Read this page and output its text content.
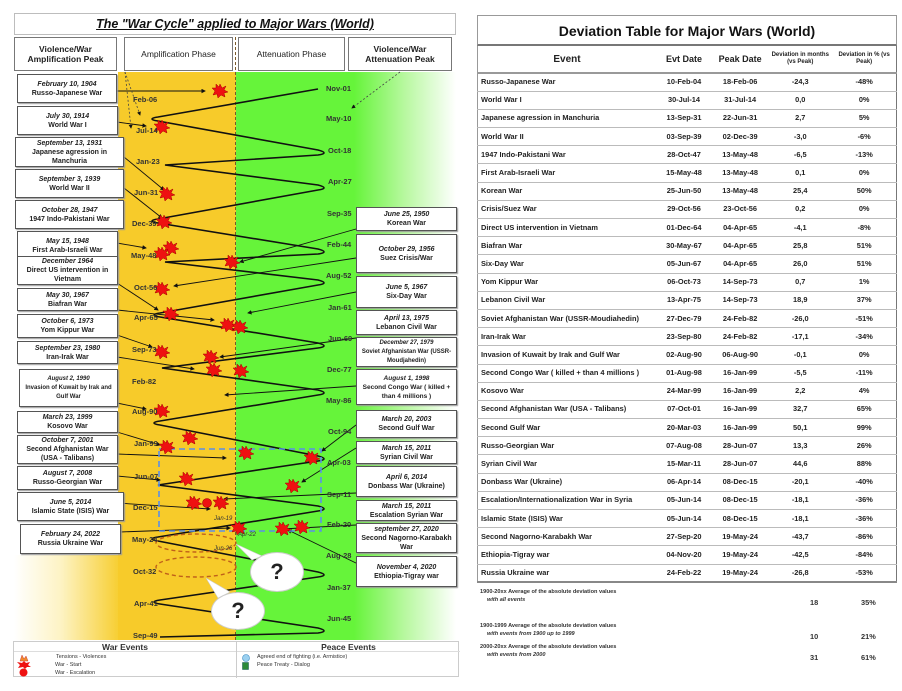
The "War Cycle" applied to Major Wars (World)
Violence/War Amplification Peak	Amplification Phase	Attenuation Phase	Violence/War Attenuation Peak
?
?
Feb-06
Jul-14
Jan-23
Jun-31
Dec-39
May-48
Oct-56
Apr-65
Sep-73
Feb-82
Aug-90
Jan-99
Jun-07
Dec-15
May-24
Oct-32
Apr-41
Sep-49
Nov-01
May-10
Oct-18
Apr-27
Sep-35
Feb-44
Aug-52
Jan-61
Jun-69
Dec-77
May-86
Oct-94
Apr-03
Sep-11
Feb-20
Aug-28
Jan-37
Jun-45
Jan-19
Apr-22
Jun-26
February 10, 1904
Russo-Japanese War
July 30, 1914
World War I
September 13, 1931
Japanese agression in Manchuria
September 3, 1939
World War II
October 28, 1947
1947 Indo-Pakistani War
May 15, 1948
First Arab-Israeli War
December 1964
Direct US intervention in Vietnam
May 30, 1967
Biafran War
October 6, 1973
Yom Kippur War
September 23, 1980
Iran-Irak War
August 2, 1990
Invasion of Kuwait by Irak and Gulf War
March 23, 1999
Kosovo War
October 7, 2001
Second Afghanistan War (USA - Talibans)
August 7, 2008
Russo-Georgian War
June 5, 2014
Islamic State (ISIS) War
February 24, 2022
Russia Ukraine War
June 25, 1950
Korean War
October 29, 1956
Suez Crisis/War
June 5, 1967
Six-Day War
April 13, 1975
Lebanon Civil War
December 27, 1979
Soviet Afghanistan War (USSR-Moudjahedin)
August 1, 1998
Second Congo War ( killed + than 4 millions )
March 20, 2003
Second Gulf War
March 15, 2011
Syrian Civil War
April 6, 2014
Donbass War (Ukraine)
March 15, 2011
Escalation Syrian War
september 27, 2020
Second Nagorno-Karabakh War
November 4, 2020
Ethiopia-Tigray war
War Events
Tensions - Violences
War - Start
War - Escalation
Peace Events
Agreed end of fighting (i.e. Armistice)
Peace Treaty - Dialog
Deviation Table for Major Wars (World)
Event	Evt Date	Peak Date	Deviation in months (vs Peak)	Deviation in % (vs Peak)
Russo-Japanese War	10-Feb-04	18-Feb-06	-24,3	-48%
World War I	30-Jul-14	31-Jul-14	0,0	0%
Japanese agression in Manchuria	13-Sep-31	22-Jun-31	2,7	5%
World War II	03-Sep-39	02-Dec-39	-3,0	-6%
1947 Indo-Pakistani War	28-Oct-47	13-May-48	-6,5	-13%
First Arab-Israeli War	15-May-48	13-May-48	0,1	0%
Korean War	25-Jun-50	13-May-48	25,4	50%
Crisis/Suez War	29-Oct-56	23-Oct-56	0,2	0%
Direct US intervention in Vietnam	01-Dec-64	04-Apr-65	-4,1	-8%
Biafran War	30-May-67	04-Apr-65	25,8	51%
Six-Day War	05-Jun-67	04-Apr-65	26,0	51%
Yom Kippur War	06-Oct-73	14-Sep-73	0,7	1%
Lebanon Civil War	13-Apr-75	14-Sep-73	18,9	37%
Soviet Afghanistan War (USSR-Moudiahedin)	27-Dec-79	24-Feb-82	-26,0	-51%
Iran-Irak War	23-Sep-80	24-Feb-82	-17,1	-34%
Invasion of Kuwait by Irak and Gulf War	02-Aug-90	06-Aug-90	-0,1	0%
Second Congo War ( killed + than 4 millions )	01-Aug-98	16-Jan-99	-5,5	-11%
Kosovo War	24-Mar-99	16-Jan-99	2,2	4%
Second Afghanistan War (USA - Talibans)	07-Oct-01	16-Jan-99	32,7	65%
Second Gulf War	20-Mar-03	16-Jan-99	50,1	99%
Russo-Georgian War	07-Aug-08	28-Jun-07	13,3	26%
Syrian Civil War	15-Mar-11	28-Jun-07	44,6	88%
Donbass War (Ukraine)	06-Apr-14	08-Dec-15	-20,1	-40%
Escalation/Internationalization War in Syria	05-Jun-14	08-Dec-15	-18,1	-36%
Islamic State (ISIS) War	05-Jun-14	08-Dec-15	-18,1	-36%
Second Nagorno-Karabakh War	27-Sep-20	19-May-24	-43,7	-86%
Ethiopia-Tigray war	04-Nov-20	19-May-24	-42,5	-84%
Russia Ukraine war	24-Feb-22	19-May-24	-26,8	-53%
1900-20xx Average of the absolute deviation values
with all events	18	35%
1900-1999 Average of the absolute deviation values
with events from 1900 up to 1999	10	21%
2000-20xx Average of the absolute deviation values
with events from 2000	31	61%
